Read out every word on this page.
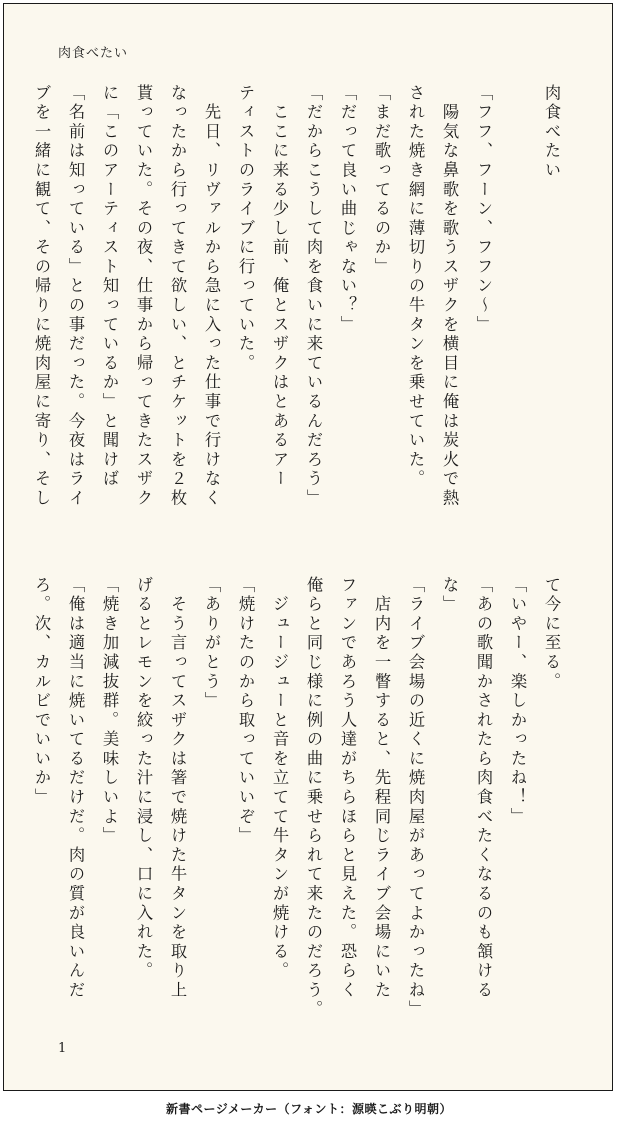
肉食べたい
肉食べたい

「フフ、フーン、フフン〜」
　陽気な鼻歌を歌うスザクを横目に俺は炭火で熱
された焼き網に薄切りの牛タンを乗せていた。
「まだ歌ってるのか」
「だって良い曲じゃない？」
「だからこうして肉を食いに来ているんだろう」
　ここに来る少し前、俺とスザクはとあるアー
ティストのライブに行っていた。
　先日、リヴァルから急に入った仕事で行けなく
なったから行ってきて欲しい、とチケットを２枚
貰っていた。その夜、仕事から帰ってきたスザク
に「このアーティスト知っているか」と聞けば
「名前は知っている」との事だった。今夜はライ
ブを一緒に観て、その帰りに焼肉屋に寄り、そし
て今に至る。
「いやー、楽しかったね！」
「あの歌聞かされたら肉食べたくなるのも頷ける
な」
「ライブ会場の近くに焼肉屋があってよかったね」
　店内を一瞥すると、先程同じライブ会場にいた
ファンであろう人達がちらほらと見えた。恐らく
俺らと同じ様に例の曲に乗せられて来たのだろう。
　ジュージューと音を立てて牛タンが焼ける。
「焼けたのから取っていいぞ」
「ありがとう」
　そう言ってスザクは箸で焼けた牛タンを取り上
げるとレモンを絞った汁に浸し、口に入れた。
「焼き加減抜群。美味しいよ」
「俺は適当に焼いてるだけだ。肉の質が良いんだ
ろ。次、カルビでいいか」
1
新書ページメーカー（フォント：源暎こぶり明朝）
